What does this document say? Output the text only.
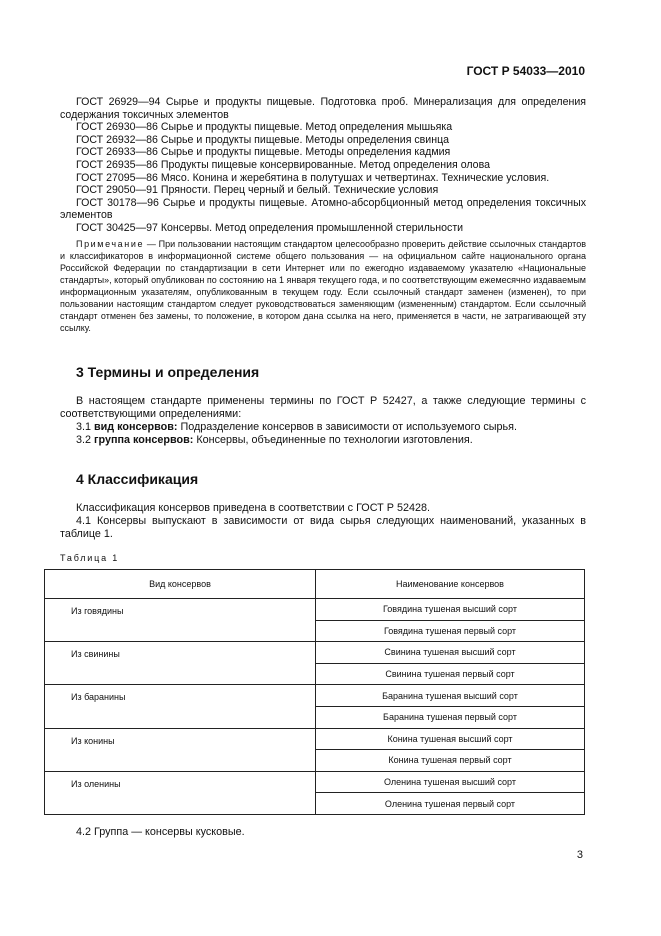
ГОСТ Р 54033—2010
ГОСТ 26929—94 Сырье и продукты пищевые. Подготовка проб. Минерализация для определения содержания токсичных элементов
ГОСТ 26930—86 Сырье и продукты пищевые. Метод определения мышьяка
ГОСТ 26932—86 Сырье и продукты пищевые. Методы определения свинца
ГОСТ 26933—86 Сырье и продукты пищевые. Методы определения кадмия
ГОСТ 26935—86 Продукты пищевые консервированные. Метод определения олова
ГОСТ 27095—86 Мясо. Конина и жеребятина в полутушах и четвертинах. Технические условия.
ГОСТ 29050—91 Пряности. Перец черный и белый. Технические условия
ГОСТ 30178—96 Сырье и продукты пищевые. Атомно-абсорбционный метод определения токсичных элементов
ГОСТ 30425—97 Консервы. Метод определения промышленной стерильности
Примечание — При пользовании настоящим стандартом целесообразно проверить действие ссылочных стандартов и классификаторов в информационной системе общего пользования — на официальном сайте национального органа Российской Федерации по стандартизации в сети Интернет или по ежегодно издаваемому указателю «Национальные стандарты», который опубликован по состоянию на 1 января текущего года, и по соответствующим ежемесячно издаваемым информационным указателям, опубликованным в текущем году. Если ссылочный стандарт заменен (изменен), то при пользовании настоящим стандартом следует руководствоваться заменяющим (измененным) стандартом. Если ссылочный стандарт отменен без замены, то положение, в котором дана ссылка на него, применяется в части, не затрагивающей эту ссылку.
3 Термины и определения
В настоящем стандарте применены термины по ГОСТ Р 52427, а также следующие термины с соответствующими определениями:
3.1 вид консервов: Подразделение консервов в зависимости от используемого сырья.
3.2 группа консервов: Консервы, объединенные по технологии изготовления.
4 Классификация
Классификация консервов приведена в соответствии с ГОСТ Р 52428.
4.1 Консервы выпускают в зависимости от вида сырья следующих наименований, указанных в таблице 1.
Таблица 1
Вид консервов	Наименование консервов
Из говядины	Говядина тушеная высший сорт
	Говядина тушеная первый сорт
Из свинины	Свинина тушеная высший сорт
	Свинина тушеная первый сорт
Из баранины	Баранина тушеная высший сорт
	Баранина тушеная первый сорт
Из конины	Конина тушеная высший сорт
	Конина тушеная первый сорт
Из оленины	Оленина тушеная высший сорт
	Оленина тушеная первый сорт
4.2 Группа — консервы кусковые.
3
